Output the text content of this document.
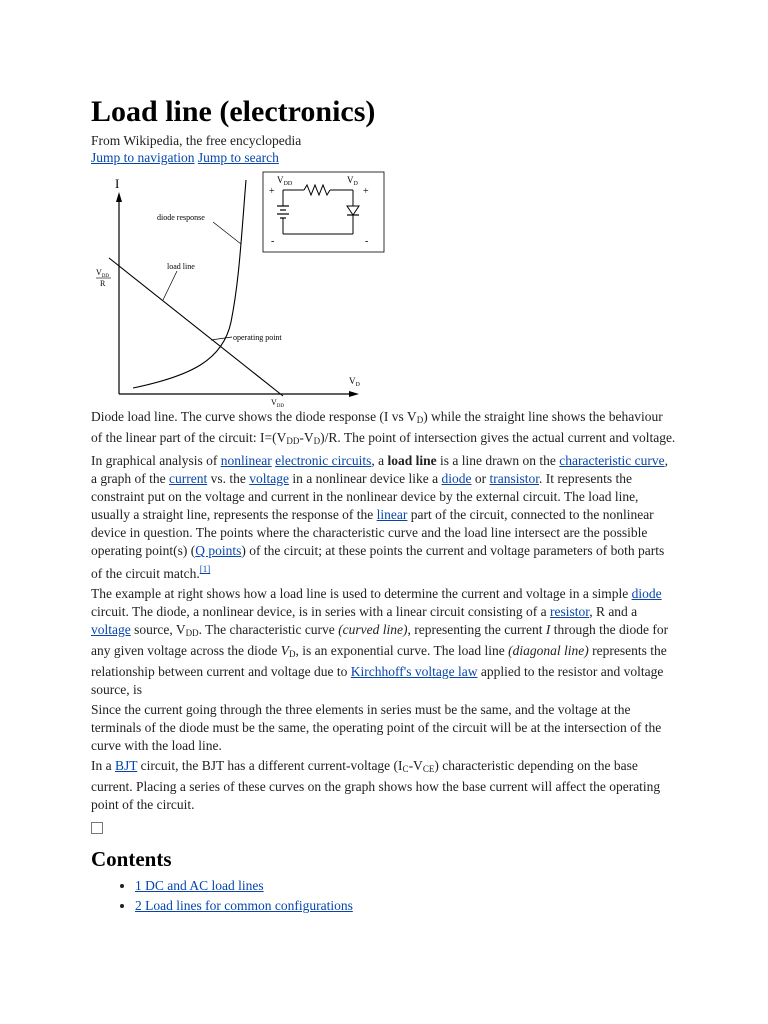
Load line (electronics)
From Wikipedia, the free encyclopedia
Jump to navigation Jump to search
I
diode response
load line
operating point
$V_{DD}$
R
$V_D$
$V_{DD}$
$V_{DD}$	$V_D$
+	+
-	-

Diode load line. The curve shows the diode response (I vs $V_D$) while the straight line shows the behaviour of the linear part of the circuit: $I=(V_{DD}-V_D)/R$. The point of intersection gives the actual current and voltage.

In graphical analysis of nonlinear electronic circuits, a load line is a line drawn on the characteristic curve, a graph of the current vs. the voltage in a nonlinear device like a diode or transistor. It represents the constraint put on the voltage and current in the nonlinear device by the external circuit. The load line, usually a straight line, represents the response of the linear part of the circuit, connected to the nonlinear device in question. The points where the characteristic curve and the load line intersect are the possible operating point(s) (Q points) of the circuit; at these points the current and voltage parameters of both parts of the circuit match.[1]

The example at right shows how a load line is used to determine the current and voltage in a simple diode circuit. The diode, a nonlinear device, is in series with a linear circuit consisting of a resistor, R and a voltage source, $V_{DD}$. The characteristic curve (curved line), representing the current I through the diode for any given voltage across the diode $V_D$, is an exponential curve. The load line (diagonal line) represents the relationship between current and voltage due to Kirchhoff's voltage law applied to the resistor and voltage source, is

Since the current going through the three elements in series must be the same, and the voltage at the terminals of the diode must be the same, the operating point of the circuit will be at the intersection of the curve with the load line.

In a BJT circuit, the BJT has a different current-voltage $(I_C-V_{CE})$ characteristic depending on the base current. Placing a series of these curves on the graph shows how the base current will affect the operating point of the circuit.

Contents
• 1 DC and AC load lines
• 2 Load lines for common configurations
